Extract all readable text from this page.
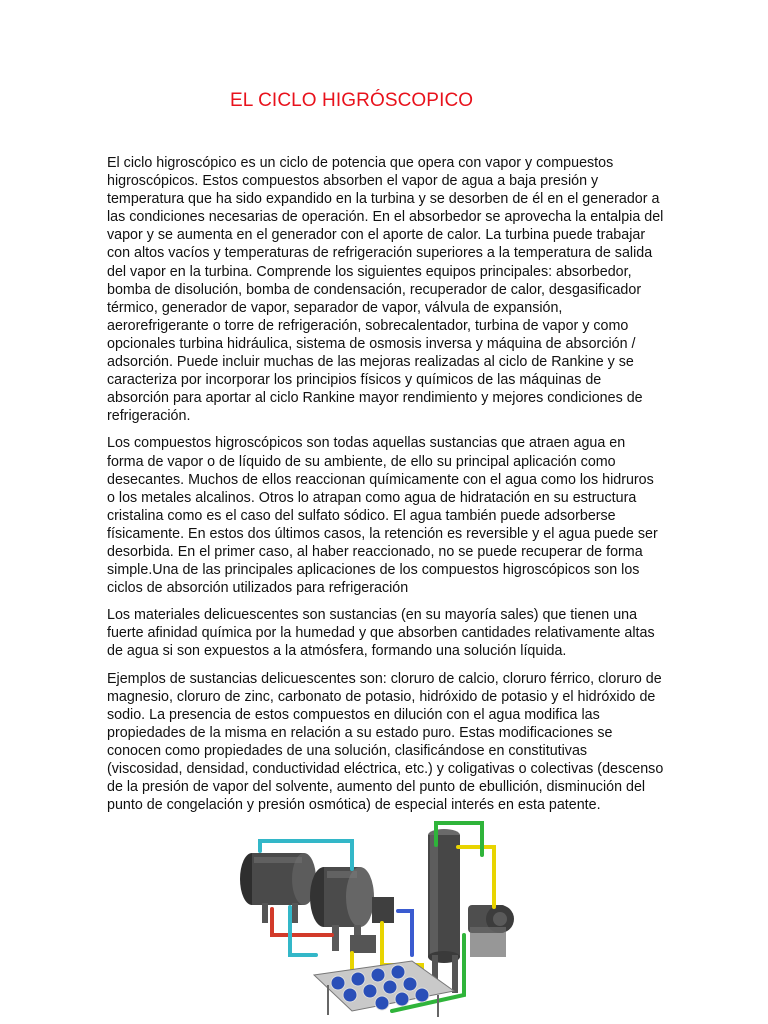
EL CICLO HIGRÓSCOPICO

El ciclo higroscópico es un ciclo de potencia que opera con vapor y compuestos higroscópicos. Estos compuestos absorben el vapor de agua a baja presión y temperatura que ha sido expandido en la turbina y se desorben de él en el generador a las condiciones necesarias de operación. En el absorbedor se aprovecha la entalpia del vapor y se aumenta en el generador con el aporte de calor. La turbina puede trabajar con altos vacíos y temperaturas de refrigeración superiores a la temperatura de salida del vapor en la turbina. Comprende los siguientes equipos principales: absorbedor, bomba de disolución, bomba de condensación, recuperador de calor, desgasificador térmico, generador de vapor, separador de vapor, válvula de expansión, aerorefrigerante o torre de refrigeración, sobrecalentador, turbina de vapor y como opcionales turbina hidráulica, sistema de osmosis inversa y máquina de absorción / adsorción. Puede incluir muchas de las mejoras realizadas al ciclo de Rankine y se caracteriza por incorporar los principios físicos y químicos de las máquinas de absorción para aportar al ciclo Rankine mayor rendimiento y mejores condiciones de refrigeración.

Los compuestos higroscópicos son todas aquellas sustancias que atraen agua en forma de vapor o de líquido de su ambiente, de ello su principal aplicación como desecantes. Muchos de ellos reaccionan químicamente con el agua como los hidruros o los metales alcalinos. Otros lo atrapan como agua de hidratación en su estructura cristalina como es el caso del sulfato sódico. El agua también puede adsorberse físicamente. En estos dos últimos casos, la retención es reversible y el agua puede ser desorbida. En el primer caso, al haber reaccionado, no se puede recuperar de forma simple.Una de las principales aplicaciones de los compuestos higroscópicos son los ciclos de absorción utilizados para refrigeración

Los materiales delicuescentes son sustancias (en su mayoría sales) que tienen una fuerte afinidad química por la humedad y que absorben cantidades relativamente altas de agua si son expuestos a la atmósfera, formando una solución líquida.

Ejemplos de sustancias delicuescentes son: cloruro de calcio, cloruro férrico, cloruro de magnesio, cloruro de zinc, carbonato de potasio, hidróxido de potasio y el hidróxido de sodio. La presencia de estos compuestos en dilución con el agua modifica las propiedades de la misma en relación a su estado puro. Estas modificaciones se conocen como propiedades de una solución, clasificándose en constitutivas (viscosidad, densidad, conductividad eléctrica, etc.) y coligativas o colectivas (descenso de la presión de vapor del solvente, aumento del punto de ebullición, disminución del punto de congelación y presión osmótica) de especial interés en esta patente.
